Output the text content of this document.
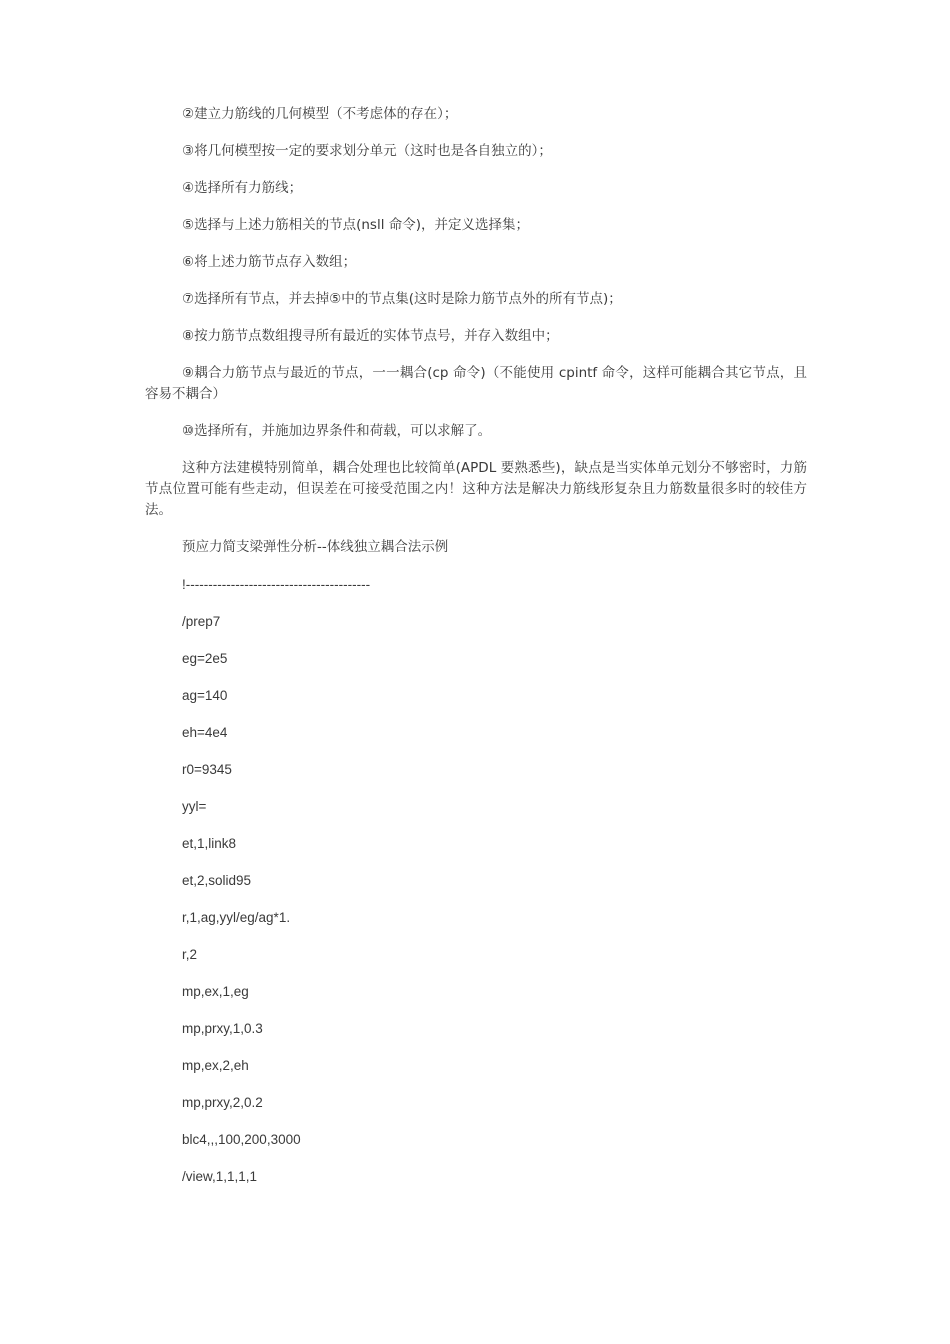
②建立力筋线的几何模型（不考虑体的存在）；

③将几何模型按一定的要求划分单元（这时也是各自独立的）；

④选择所有力筋线；

⑤选择与上述力筋相关的节点(nsll 命令)，并定义选择集；

⑥将上述力筋节点存入数组；

⑦选择所有节点，并去掉⑤中的节点集(这时是除力筋节点外的所有节点)；

⑧按力筋节点数组搜寻所有最近的实体节点号，并存入数组中；

⑨耦合力筋节点与最近的节点，一一耦合(cp 命令)（不能使用 cpintf 命令，这样可能耦合其它节点，且容易不耦合）

⑩选择所有，并施加边界条件和荷载，可以求解了。

这种方法建模特别简单，耦合处理也比较简单(APDL 要熟悉些)，缺点是当实体单元划分不够密时，力筋节点位置可能有些走动，但误差在可接受范围之内！这种方法是解决力筋线形复杂且力筋数量很多时的较佳方法。

预应力简支梁弹性分析--体线独立耦合法示例

!-----------------------------------------
/prep7
eg=2e5
ag=140
eh=4e4
r0=9345
yyl=
et,1,link8
et,2,solid95
r,1,ag,yyl/eg/ag*1.
r,2
mp,ex,1,eg
mp,prxy,1,0.3
mp,ex,2,eh
mp,prxy,2,0.2
blc4,,,100,200,3000
/view,1,1,1,1
